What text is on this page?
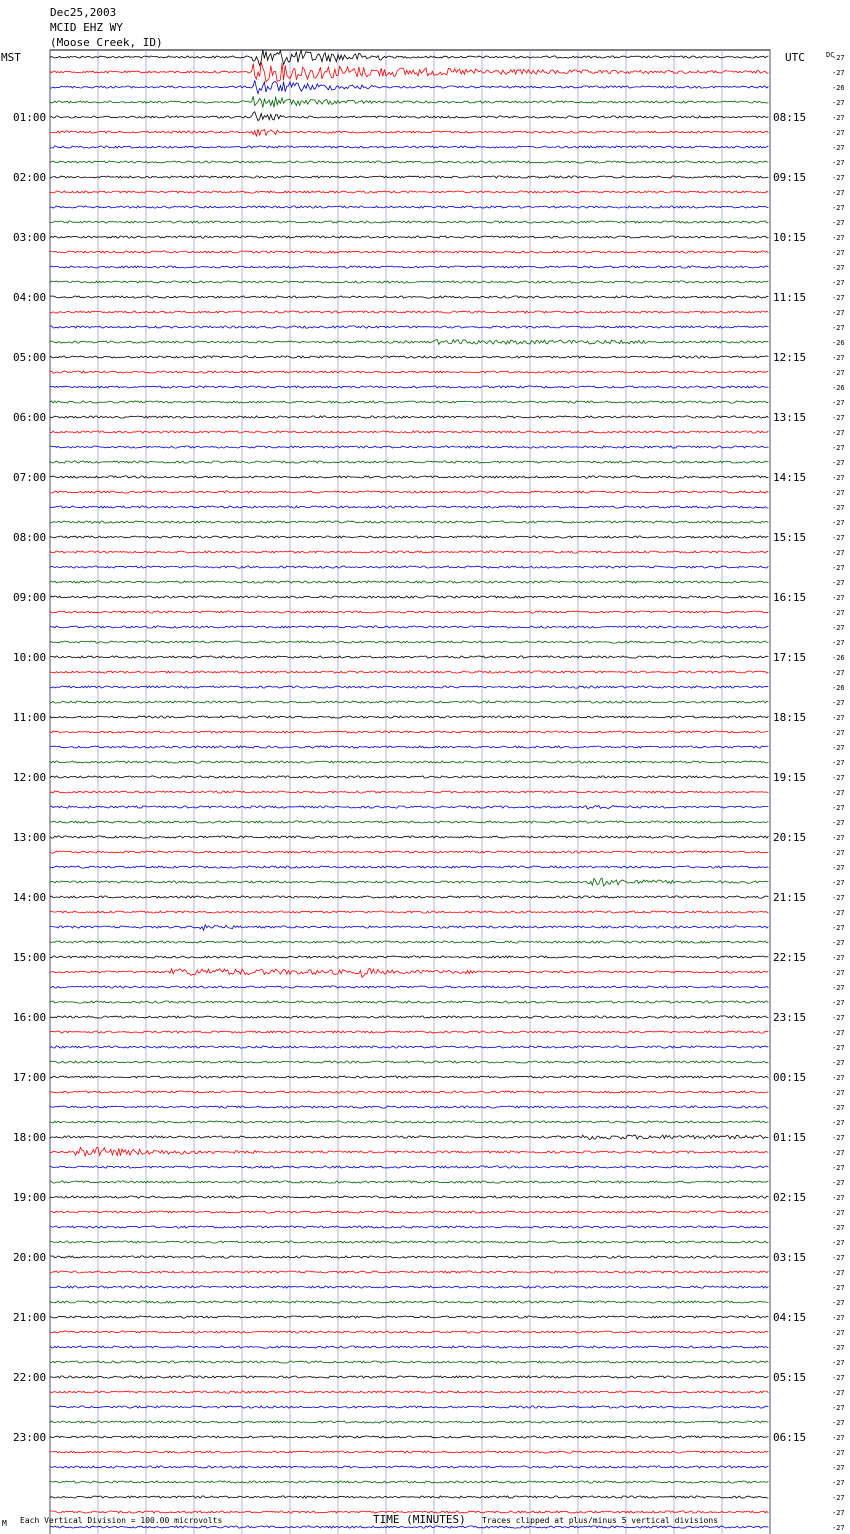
Dec25,2003
MCID EHZ WY
(Moose Creek, ID)
MST	UTC	DC
01:00
02:00
03:00
04:00
05:00
06:00
07:00
08:00
09:00
10:00
11:00
12:00
13:00
14:00
15:00
16:00
17:00
18:00
19:00
20:00
21:00
22:00
23:00
08:15
09:15
10:15
11:15
12:15
13:15
14:15
15:15
16:15
17:15
18:15
19:15
20:15
21:15
22:15
23:15
00:15
01:15
02:15
03:15
04:15
05:15
06:15
-27
-27
-26
-27
-27
-27
-27
-27
-27
-27
-27
-27
-27
-27
-27
-27
-27
-27
-27
-26
-27
-27
-26
-27
-27
-27
-27
-27
-27
-27
-27
-27
-27
-27
-27
-27
-27
-27
-27
-27
-26
-27
-26
-27
-27
-27
-27
-27
-27
-27
-27
-27
-27
-27
-27
-27
-27
-27
-27
-27
-27
-27
-27
-27
-27
-27
-27
-27
-27
-27
-27
-27
-27
-27
-27
-27
-27
-27
-27
-27
-27
-27
-27
-27
-27
-27
-27
-27
-27
-27
-27
-27
-27
-27
-27
-27
-27
-27
-27
TIME (MINUTES)
Each Vertical Division = 100.00 microvolts	Traces clipped at plus/minus 5 vertical divisions
M
